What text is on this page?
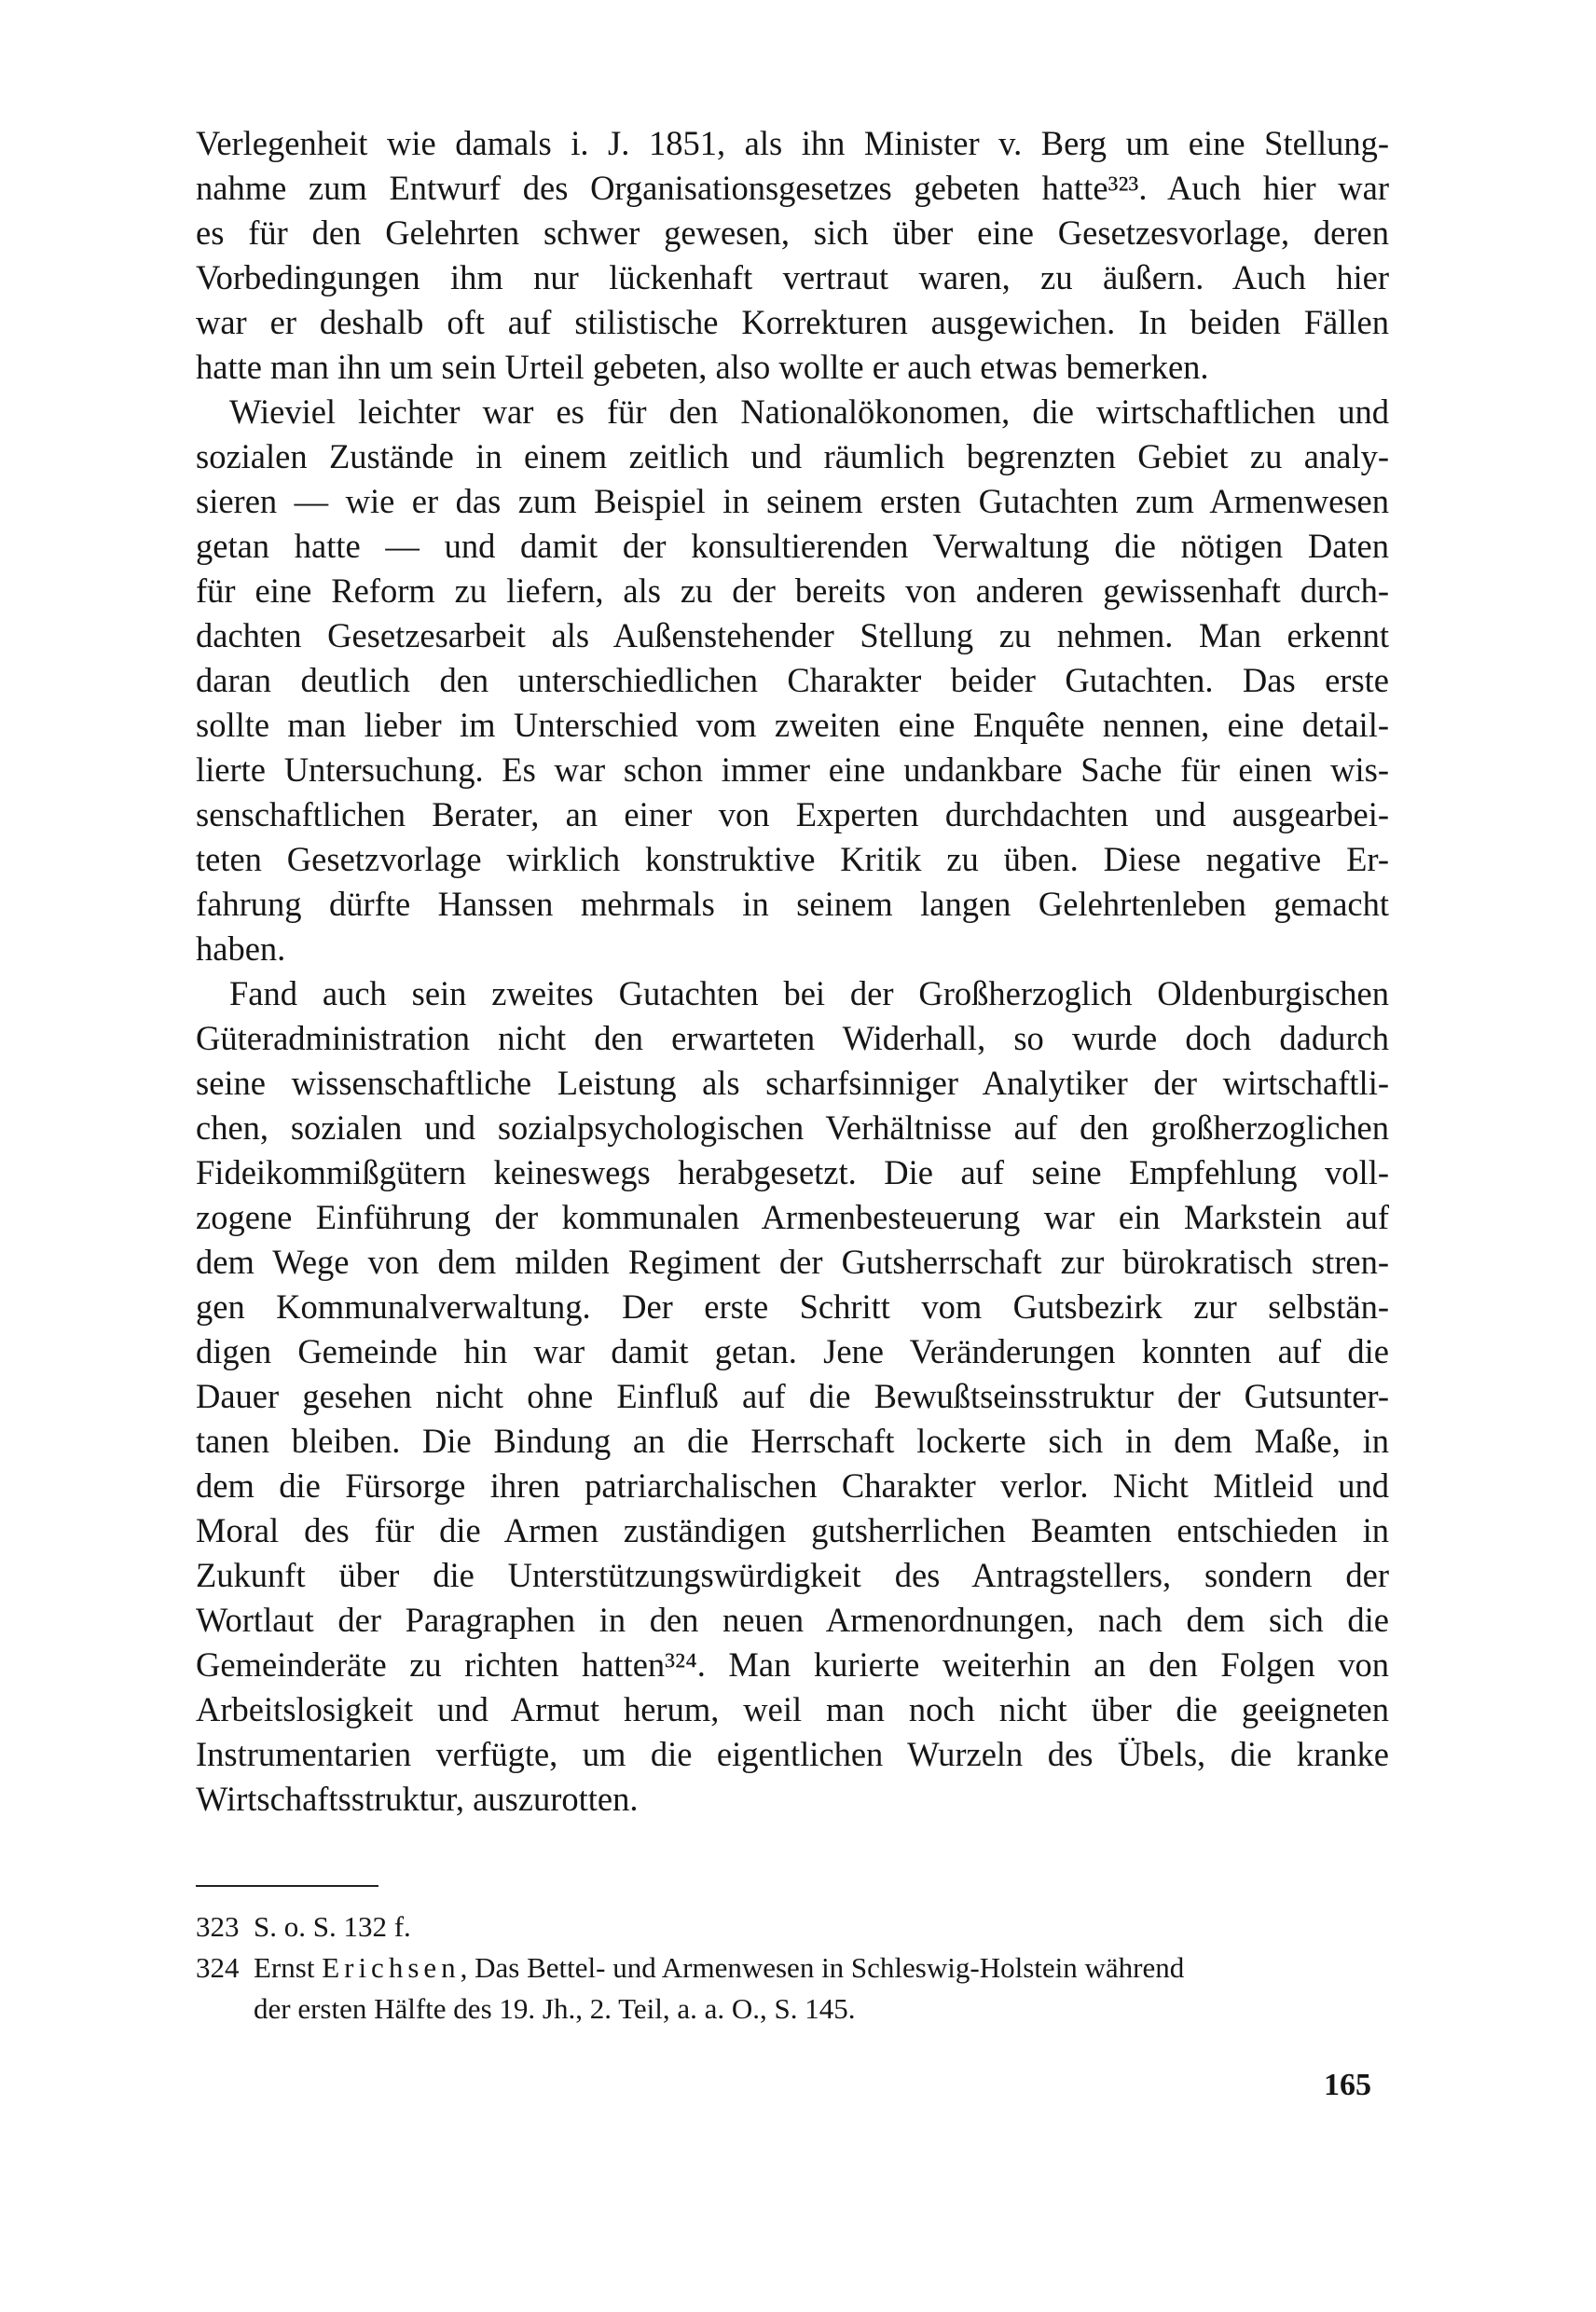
Verlegenheit wie damals i. J. 1851, als ihn Minister v. Berg um eine Stellung-
nahme zum Entwurf des Organisationsgesetzes gebeten hatte³²³. Auch hier war
es für den Gelehrten schwer gewesen, sich über eine Gesetzesvorlage, deren
Vorbedingungen ihm nur lückenhaft vertraut waren, zu äußern. Auch hier
war er deshalb oft auf stilistische Korrekturen ausgewichen. In beiden Fällen
hatte man ihn um sein Urteil gebeten, also wollte er auch etwas bemerken.

Wieviel leichter war es für den Nationalökonomen, die wirtschaftlichen und
sozialen Zustände in einem zeitlich und räumlich begrenzten Gebiet zu analy-
sieren — wie er das zum Beispiel in seinem ersten Gutachten zum Armenwesen
getan hatte — und damit der konsultierenden Verwaltung die nötigen Daten
für eine Reform zu liefern, als zu der bereits von anderen gewissenhaft durch-
dachten Gesetzesarbeit als Außenstehender Stellung zu nehmen. Man erkennt
daran deutlich den unterschiedlichen Charakter beider Gutachten. Das erste
sollte man lieber im Unterschied vom zweiten eine Enquête nennen, eine detail-
lierte Untersuchung. Es war schon immer eine undankbare Sache für einen wis-
senschaftlichen Berater, an einer von Experten durchdachten und ausgearbei-
teten Gesetzvorlage wirklich konstruktive Kritik zu üben. Diese negative Er-
fahrung dürfte Hanssen mehrmals in seinem langen Gelehrtenleben gemacht
haben.

Fand auch sein zweites Gutachten bei der Großherzoglich Oldenburgischen
Güteradministration nicht den erwarteten Widerhall, so wurde doch dadurch
seine wissenschaftliche Leistung als scharfsinniger Analytiker der wirtschaftli-
chen, sozialen und sozialpsychologischen Verhältnisse auf den großherzoglichen
Fideikommißgütern keineswegs herabgesetzt. Die auf seine Empfehlung voll-
zogene Einführung der kommunalen Armenbesteuerung war ein Markstein auf
dem Wege von dem milden Regiment der Gutsherrschaft zur bürokratisch stren-
gen Kommunalverwaltung. Der erste Schritt vom Gutsbezirk zur selbstän-
digen Gemeinde hin war damit getan. Jene Veränderungen konnten auf die
Dauer gesehen nicht ohne Einfluß auf die Bewußtseinsstruktur der Gutsunter-
tanen bleiben. Die Bindung an die Herrschaft lockerte sich in dem Maße, in
dem die Fürsorge ihren patriarchalischen Charakter verlor. Nicht Mitleid und
Moral des für die Armen zuständigen gutsherrlichen Beamten entschieden in
Zukunft über die Unterstützungswürdigkeit des Antragstellers, sondern der
Wortlaut der Paragraphen in den neuen Armenordnungen, nach dem sich die
Gemeinderäte zu richten hatten³²⁴. Man kurierte weiterhin an den Folgen von
Arbeitslosigkeit und Armut herum, weil man noch nicht über die geeigneten
Instrumentarien verfügte, um die eigentlichen Wurzeln des Übels, die kranke
Wirtschaftsstruktur, auszurotten.

323 S. o. S. 132 f.
324 Ernst Erichsen, Das Bettel- und Armenwesen in Schleswig-Holstein während
der ersten Hälfte des 19. Jh., 2. Teil, a. a. O., S. 145.
165
